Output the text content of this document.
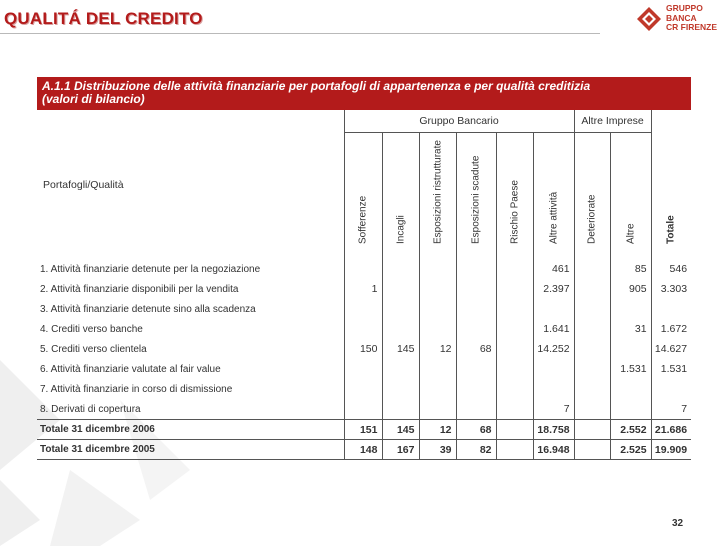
QUALITÁ DEL CREDITO
GRUPPO
BANCA
CR FIRENZE
A.1.1 Distribuzione delle attività finanziarie per portafogli di appartenenza e per qualità creditizia
(valori di bilancio)
Portafogli/Qualità	Gruppo Bancario						Altre Imprese		

	Sofferenze	Incagli	Esposizioni ristrutturate	Esposizioni scadute	Rischio Paese	Altre attività	Deteriorate	Altre	Totale

1. Attività finanziarie detenute per la negoziazione						461		85	546
2. Attività finanziarie disponibili per la vendita	1					2.397		905	3.303
3. Attività finanziarie detenute sino alla scadenza									
4. Crediti verso banche						1.641		31	1.672
5. Crediti verso clientela	150	145	12	68		14.252			14.627
6. Attività finanziarie valutate al fair value								1.531	1.531
7. Attività finanziarie in corso di dismissione									
8. Derivati di copertura						7			7
Totale 31 dicembre 2006	151	145	12	68		18.758		2.552	21.686
Totale 31 dicembre 2005	148	167	39	82		16.948		2.525	19.909
32
